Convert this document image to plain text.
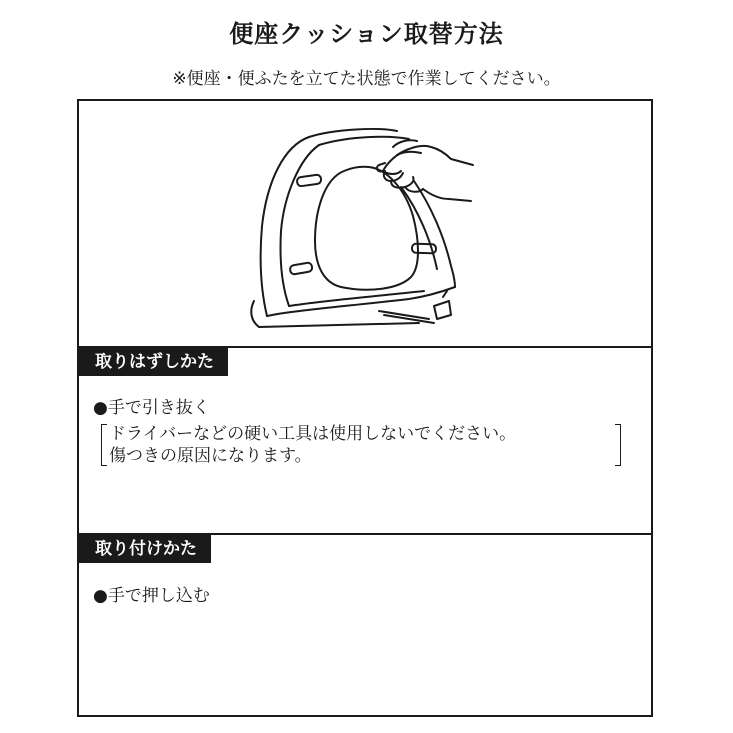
便座クッション取替方法
※便座・便ふたを立てた状態で作業してください。
取りはずしかた
●手で引き抜く
ドライバーなどの硬い工具は使用しないでください。
傷つきの原因になります。
取り付けかた
●手で押し込む
